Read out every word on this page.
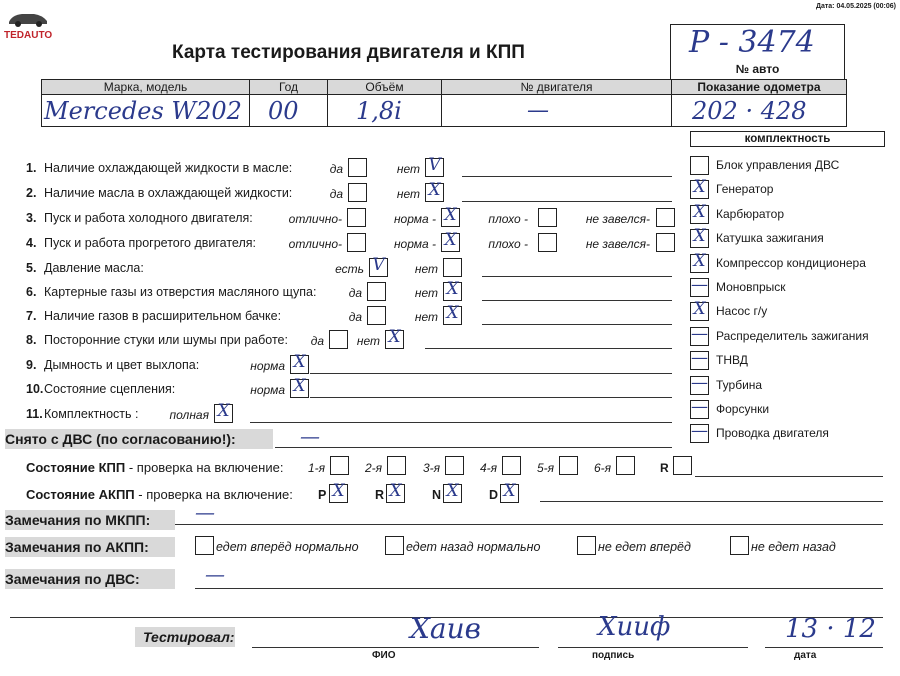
TEDAUTO
Дата: 04.05.2025 (00:06)
Карта тестирования двигателя и КПП	P - 3474
№ авто
Марка, модель	Год	Объём	№ двигателя	Показание одометра
Mercedes W202	00	1,8i	—	202 · 428
комплектность
1. Наличие охлаждающей жидкости в масле:	да	нет V
2. Наличие масла в охлаждающей жидкости:	да	нет X
3. Пуск и работа холодного двигателя:	отлично-	норма - X	плохо -	не завелся-
4. Пуск и работа прогретого двигателя:	отлично-	норма - X	плохо -	не завелся-
5. Давление масла:	есть V	нет
6. Картерные газы из отверстия масляного щупа:	да	нет X
7. Наличие газов в расширительном бачке:	да	нет X
8. Посторонние стуки или шумы при работе: да	нет X
9. Дымность и цвет выхлопа:	норма X
10. Состояние сцепления:	норма X
11. Комплектность :	полная X
Блок управления ДВС
X Генератор
X Карбюратор
X Катушка зажигания
X Компрессор кондиционера
— Моновпрыск
X Насос г/у
— Распределитель зажигания
— ТНВД
— Турбина
— Форсунки
— Проводка двигателя
Снято с ДВС (по согласованию!):	—
Состояние КПП - проверка на включение: 1-я	2-я	3-я	4-я	5-я	6-я	R
Состояние АКПП - проверка на включение: P X R X N X D X
Замечания по МКПП:	—
Замечания по АКПП:	едет вперёд нормально	едет назад нормально	не едет вперёд	не едет назад
Замечания по ДВС:	—
Тестировал:	Хаив	Хииф	13 · 12
ФИО	подпись	дата
